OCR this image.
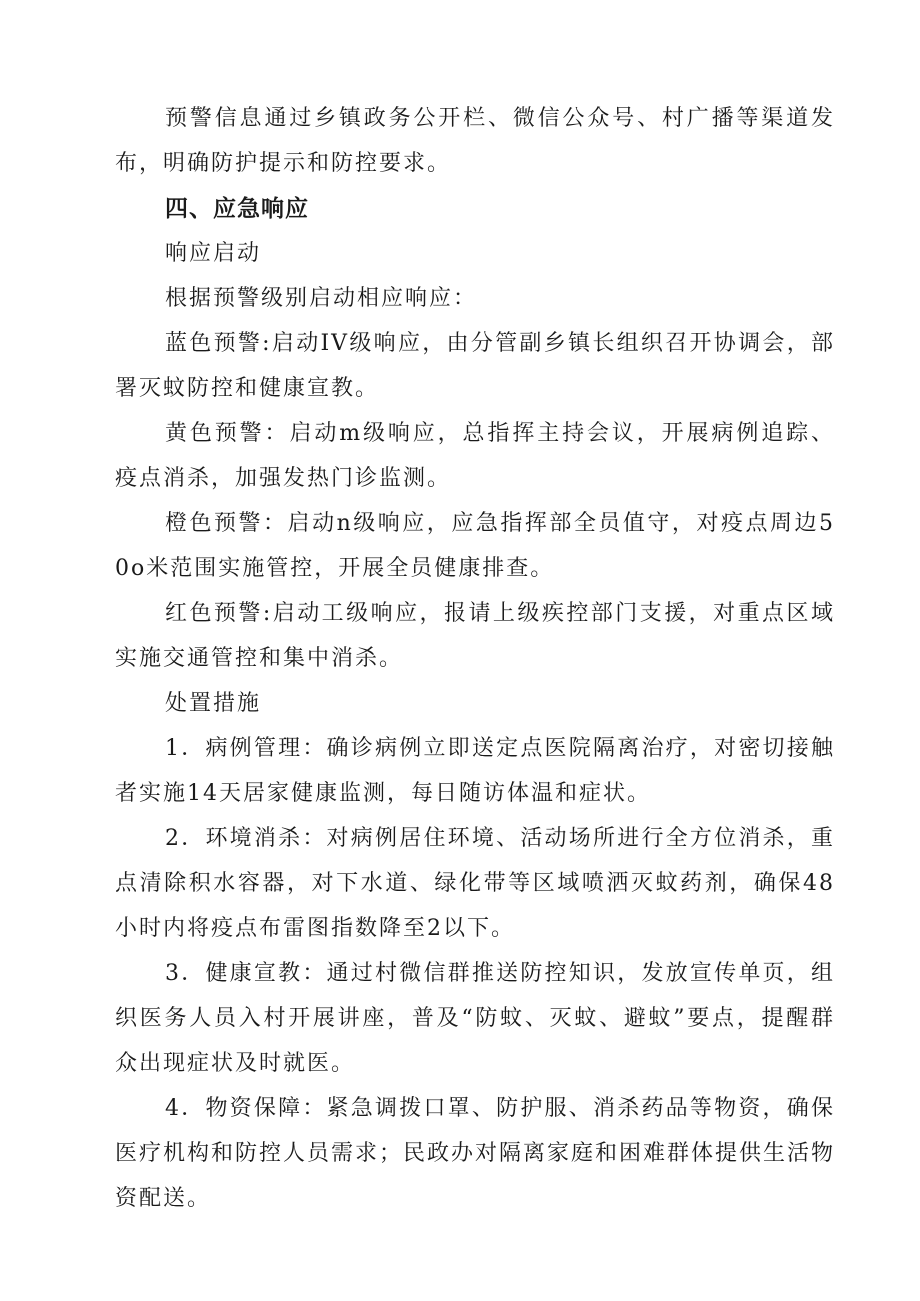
预警信息通过乡镇政务公开栏、微信公众号、村广播等渠道发布，明确防护提示和防控要求。

四、应急响应

响应启动

根据预警级别启动相应响应：

蓝色预警:启动IV级响应，由分管副乡镇长组织召开协调会，部署灭蚊防控和健康宣教。

黄色预警：启动m级响应，总指挥主持会议，开展病例追踪、疫点消杀，加强发热门诊监测。

橙色预警：启动n级响应，应急指挥部全员值守，对疫点周边50o米范围实施管控，开展全员健康排查。

红色预警:启动工级响应，报请上级疾控部门支援，对重点区域实施交通管控和集中消杀。

处置措施

1．病例管理：确诊病例立即送定点医院隔离治疗，对密切接触者实施14天居家健康监测，每日随访体温和症状。

2．环境消杀：对病例居住环境、活动场所进行全方位消杀，重点清除积水容器，对下水道、绿化带等区域喷洒灭蚊药剂，确保48小时内将疫点布雷图指数降至2以下。

3．健康宣教：通过村微信群推送防控知识，发放宣传单页，组织医务人员入村开展讲座，普及“防蚊、灭蚊、避蚊”要点，提醒群众出现症状及时就医。

4．物资保障：紧急调拨口罩、防护服、消杀药品等物资，确保医疗机构和防控人员需求；民政办对隔离家庭和困难群体提供生活物资配送。
